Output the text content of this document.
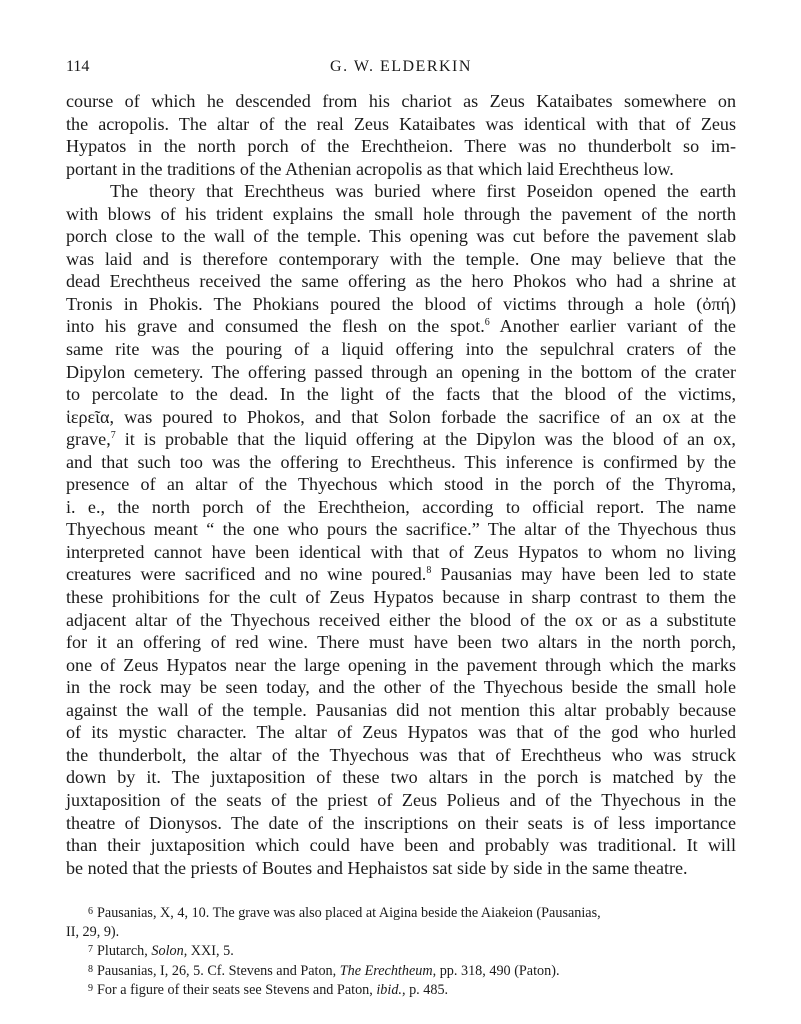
114	G. W. ELDERKIN
course of which he descended from his chariot as Zeus Kataibates somewhere on
the acropolis. The altar of the real Zeus Kataibates was identical with that of Zeus
Hypatos in the north porch of the Erechtheion. There was no thunderbolt so im-
portant in the traditions of the Athenian acropolis as that which laid Erechtheus low.
The theory that Erechtheus was buried where first Poseidon opened the earth
with blows of his trident explains the small hole through the pavement of the north
porch close to the wall of the temple. This opening was cut before the pavement slab
was laid and is therefore contemporary with the temple. One may believe that the
dead Erechtheus received the same offering as the hero Phokos who had a shrine at
Tronis in Phokis. The Phokians poured the blood of victims through a hole (ὀπή)
into his grave and consumed the flesh on the spot.$^6$ Another earlier variant of the
same rite was the pouring of a liquid offering into the sepulchral craters of the
Dipylon cemetery. The offering passed through an opening in the bottom of the crater
to percolate to the dead. In the light of the facts that the blood of the victims,
ἱερεῖα, was poured to Phokos, and that Solon forbade the sacrifice of an ox at the
grave,$^7$ it is probable that the liquid offering at the Dipylon was the blood of an ox,
and that such too was the offering to Erechtheus. This inference is confirmed by the
presence of an altar of the Thyechous which stood in the porch of the Thyroma,
i. e., the north porch of the Erechtheion, according to official report. The name
Thyechous meant “ the one who pours the sacrifice.” The altar of the Thyechous thus
interpreted cannot have been identical with that of Zeus Hypatos to whom no living
creatures were sacrificed and no wine poured.$^8$ Pausanias may have been led to state
these prohibitions for the cult of Zeus Hypatos because in sharp contrast to them the
adjacent altar of the Thyechous received either the blood of the ox or as a substitute
for it an offering of red wine. There must have been two altars in the north porch,
one of Zeus Hypatos near the large opening in the pavement through which the marks
in the rock may be seen today, and the other of the Thyechous beside the small hole
against the wall of the temple. Pausanias did not mention this altar probably because
of its mystic character. The altar of Zeus Hypatos was that of the god who hurled
the thunderbolt, the altar of the Thyechous was that of Erechtheus who was struck
down by it. The juxtaposition of these two altars in the porch is matched by the
juxtaposition of the seats of the priest of Zeus Polieus and of the Thyechous in the
theatre of Dionysos. The date of the inscriptions on their seats is of less importance
than their juxtaposition which could have been and probably was traditional. It will
be noted that the priests of Boutes and Hephaistos sat side by side in the same theatre.
$^6$ Pausanias, X, 4, 10. The grave was also placed at Aigina beside the Aiakeion (Pausanias,
II, 29, 9).
$^7$ Plutarch, Solon, XXI, 5.
$^8$ Pausanias, I, 26, 5. Cf. Stevens and Paton, The Erechtheum, pp. 318, 490 (Paton).
$^9$ For a figure of their seats see Stevens and Paton, ibid., p. 485.
